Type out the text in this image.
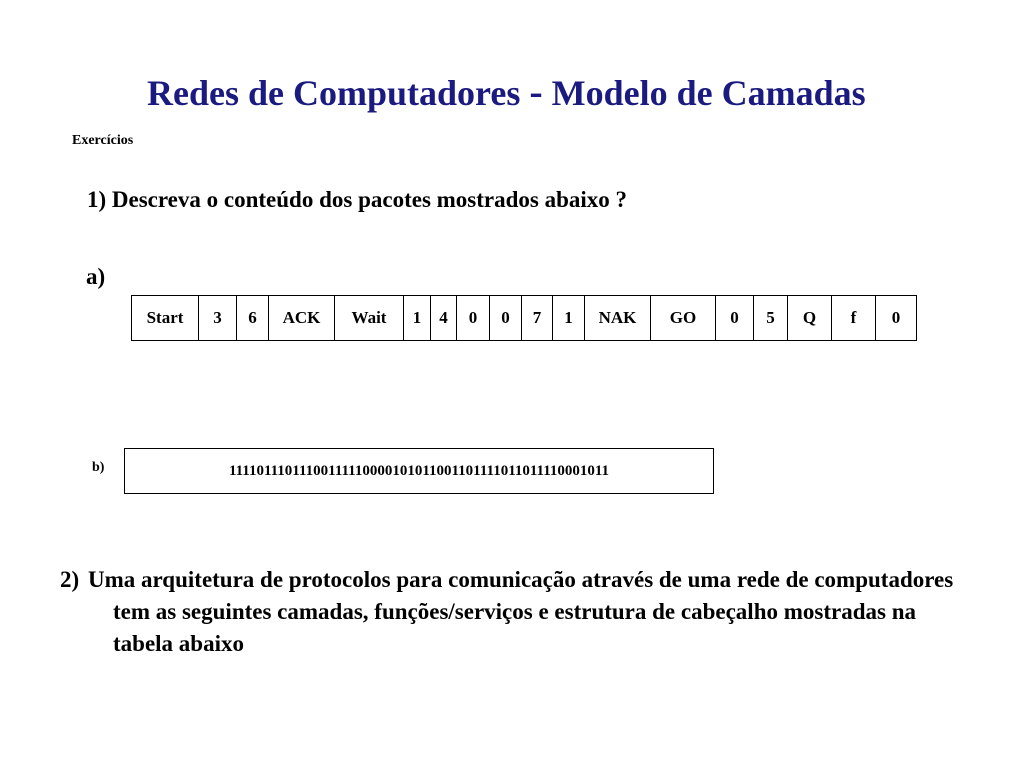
Redes de Computadores - Modelo de Camadas
Exercícios
1) Descreva o conteúdo dos pacotes mostrados abaixo ?
a)
Start	3	6	ACK	Wait	1	4	0	0	7	1	NAK	GO	0	5	Q	f	0
b)	11110111011100111110000101011001101111011011110001011
2) Uma arquitetura de protocolos para comunicação através de uma rede de computadores tem as seguintes camadas, funções/serviços e estrutura de cabeçalho mostradas na tabela abaixo
